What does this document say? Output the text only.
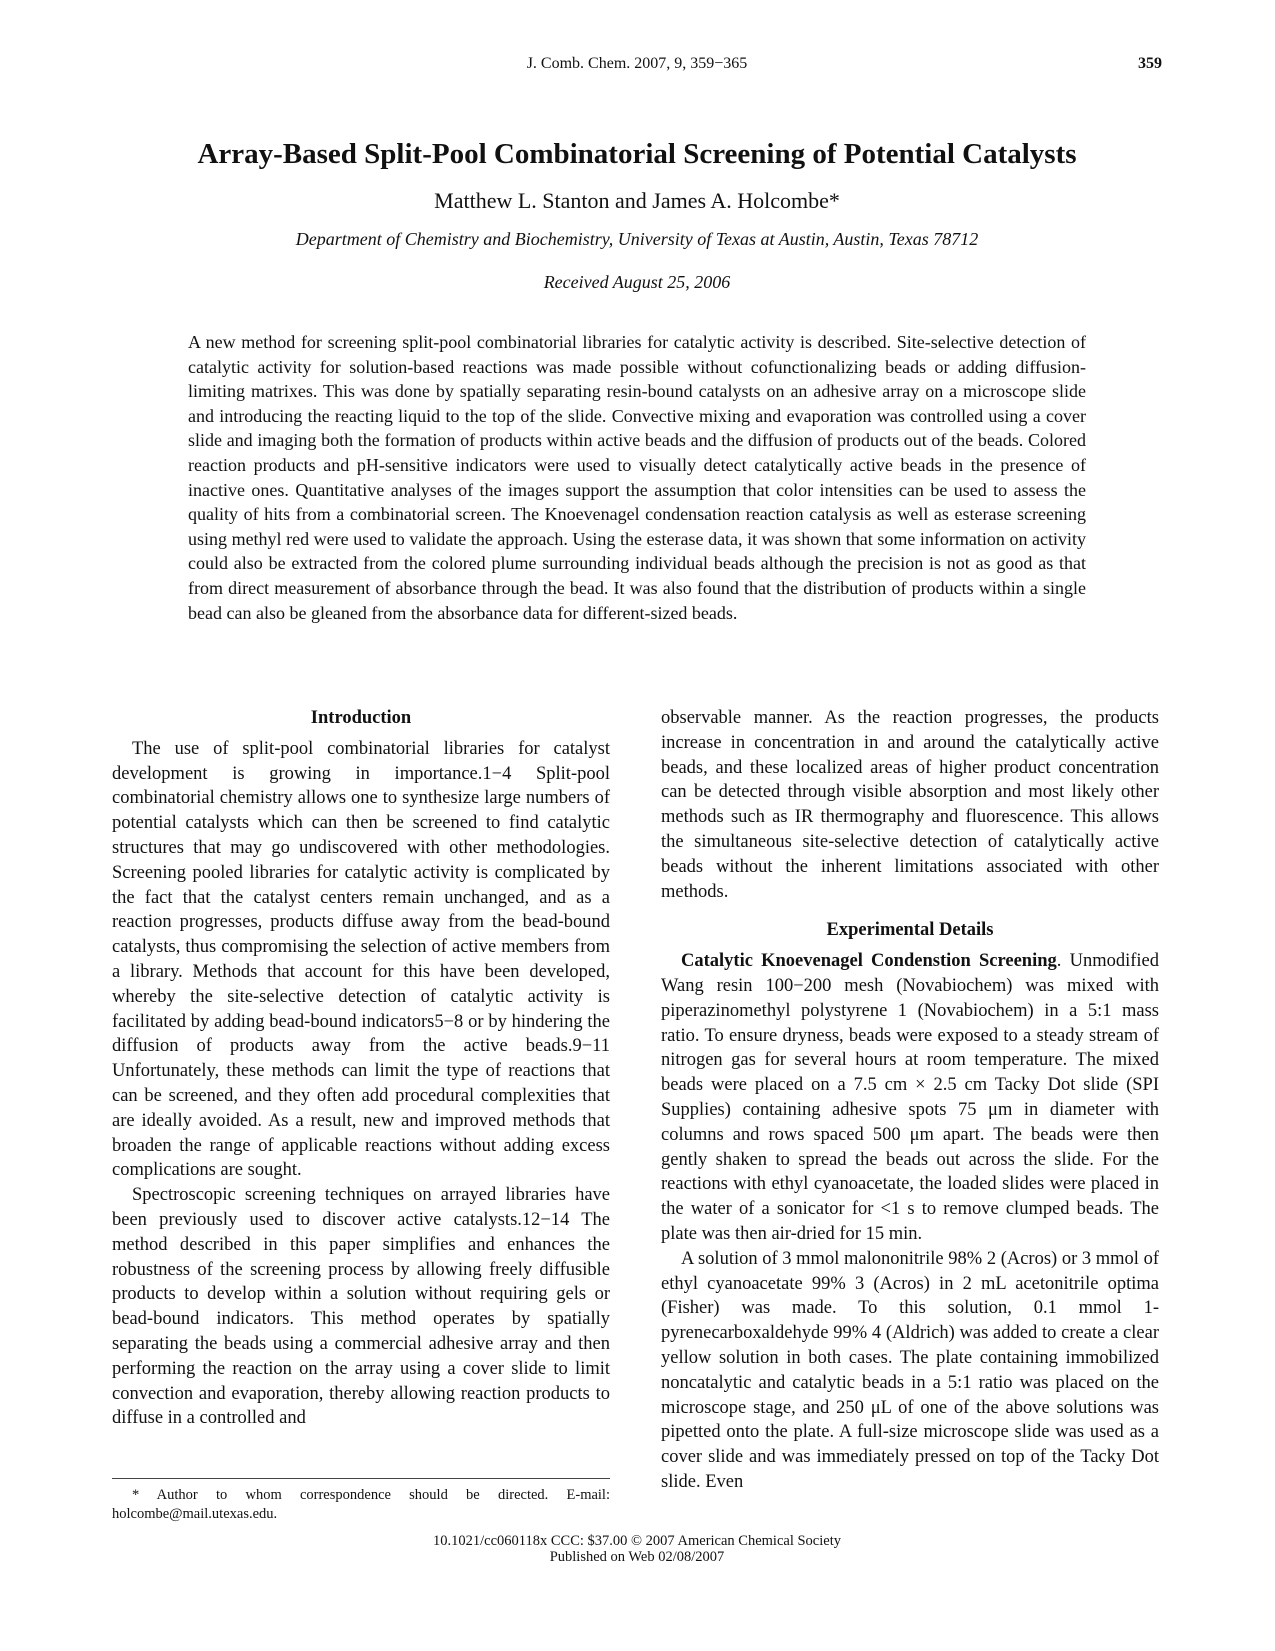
J. Comb. Chem. 2007, 9, 359−365	359
Array-Based Split-Pool Combinatorial Screening of Potential Catalysts
Matthew L. Stanton and James A. Holcombe*
Department of Chemistry and Biochemistry, University of Texas at Austin, Austin, Texas 78712
Received August 25, 2006

A new method for screening split-pool combinatorial libraries for catalytic activity is described. Site-selective detection of catalytic activity for solution-based reactions was made possible without cofunctionalizing beads or adding diffusion-limiting matrixes. This was done by spatially separating resin-bound catalysts on an adhesive array on a microscope slide and introducing the reacting liquid to the top of the slide. Convective mixing and evaporation was controlled using a cover slide and imaging both the formation of products within active beads and the diffusion of products out of the beads. Colored reaction products and pH-sensitive indicators were used to visually detect catalytically active beads in the presence of inactive ones. Quantitative analyses of the images support the assumption that color intensities can be used to assess the quality of hits from a combinatorial screen. The Knoevenagel condensation reaction catalysis as well as esterase screening using methyl red were used to validate the approach. Using the esterase data, it was shown that some information on activity could also be extracted from the colored plume surrounding individual beads although the precision is not as good as that from direct measurement of absorbance through the bead. It was also found that the distribution of products within a single bead can also be gleaned from the absorbance data for different-sized beads.

Introduction

The use of split-pool combinatorial libraries for catalyst development is growing in importance.1−4 Split-pool combinatorial chemistry allows one to synthesize large numbers of potential catalysts which can then be screened to find catalytic structures that may go undiscovered with other methodologies. Screening pooled libraries for catalytic activity is complicated by the fact that the catalyst centers remain unchanged, and as a reaction progresses, products diffuse away from the bead-bound catalysts, thus compromising the selection of active members from a library. Methods that account for this have been developed, whereby the site-selective detection of catalytic activity is facilitated by adding bead-bound indicators5−8 or by hindering the diffusion of products away from the active beads.9−11 Unfortunately, these methods can limit the type of reactions that can be screened, and they often add procedural complexities that are ideally avoided. As a result, new and improved methods that broaden the range of applicable reactions without adding excess complications are sought.

Spectroscopic screening techniques on arrayed libraries have been previously used to discover active catalysts.12−14 The method described in this paper simplifies and enhances the robustness of the screening process by allowing freely diffusible products to develop within a solution without requiring gels or bead-bound indicators. This method operates by spatially separating the beads using a commercial adhesive array and then performing the reaction on the array using a cover slide to limit convection and evaporation, thereby allowing reaction products to diffuse in a controlled and

observable manner. As the reaction progresses, the products increase in concentration in and around the catalytically active beads, and these localized areas of higher product concentration can be detected through visible absorption and most likely other methods such as IR thermography and fluorescence. This allows the simultaneous site-selective detection of catalytically active beads without the inherent limitations associated with other methods.

Experimental Details

Catalytic Knoevenagel Condenstion Screening. Unmodified Wang resin 100−200 mesh (Novabiochem) was mixed with piperazinomethyl polystyrene 1 (Novabiochem) in a 5:1 mass ratio. To ensure dryness, beads were exposed to a steady stream of nitrogen gas for several hours at room temperature. The mixed beads were placed on a 7.5 cm × 2.5 cm Tacky Dot slide (SPI Supplies) containing adhesive spots 75 μm in diameter with columns and rows spaced 500 μm apart. The beads were then gently shaken to spread the beads out across the slide. For the reactions with ethyl cyanoacetate, the loaded slides were placed in the water of a sonicator for <1 s to remove clumped beads. The plate was then air-dried for 15 min.

A solution of 3 mmol malononitrile 98% 2 (Acros) or 3 mmol of ethyl cyanoacetate 99% 3 (Acros) in 2 mL acetonitrile optima (Fisher) was made. To this solution, 0.1 mmol 1-pyrenecarboxaldehyde 99% 4 (Aldrich) was added to create a clear yellow solution in both cases. The plate containing immobilized noncatalytic and catalytic beads in a 5:1 ratio was placed on the microscope stage, and 250 μL of one of the above solutions was pipetted onto the plate. A full-size microscope slide was used as a cover slide and was immediately pressed on top of the Tacky Dot slide. Even

* Author to whom correspondence should be directed. E-mail: holcombe@mail.utexas.edu.

10.1021/cc060118x CCC: $37.00 © 2007 American Chemical Society
Published on Web 02/08/2007
